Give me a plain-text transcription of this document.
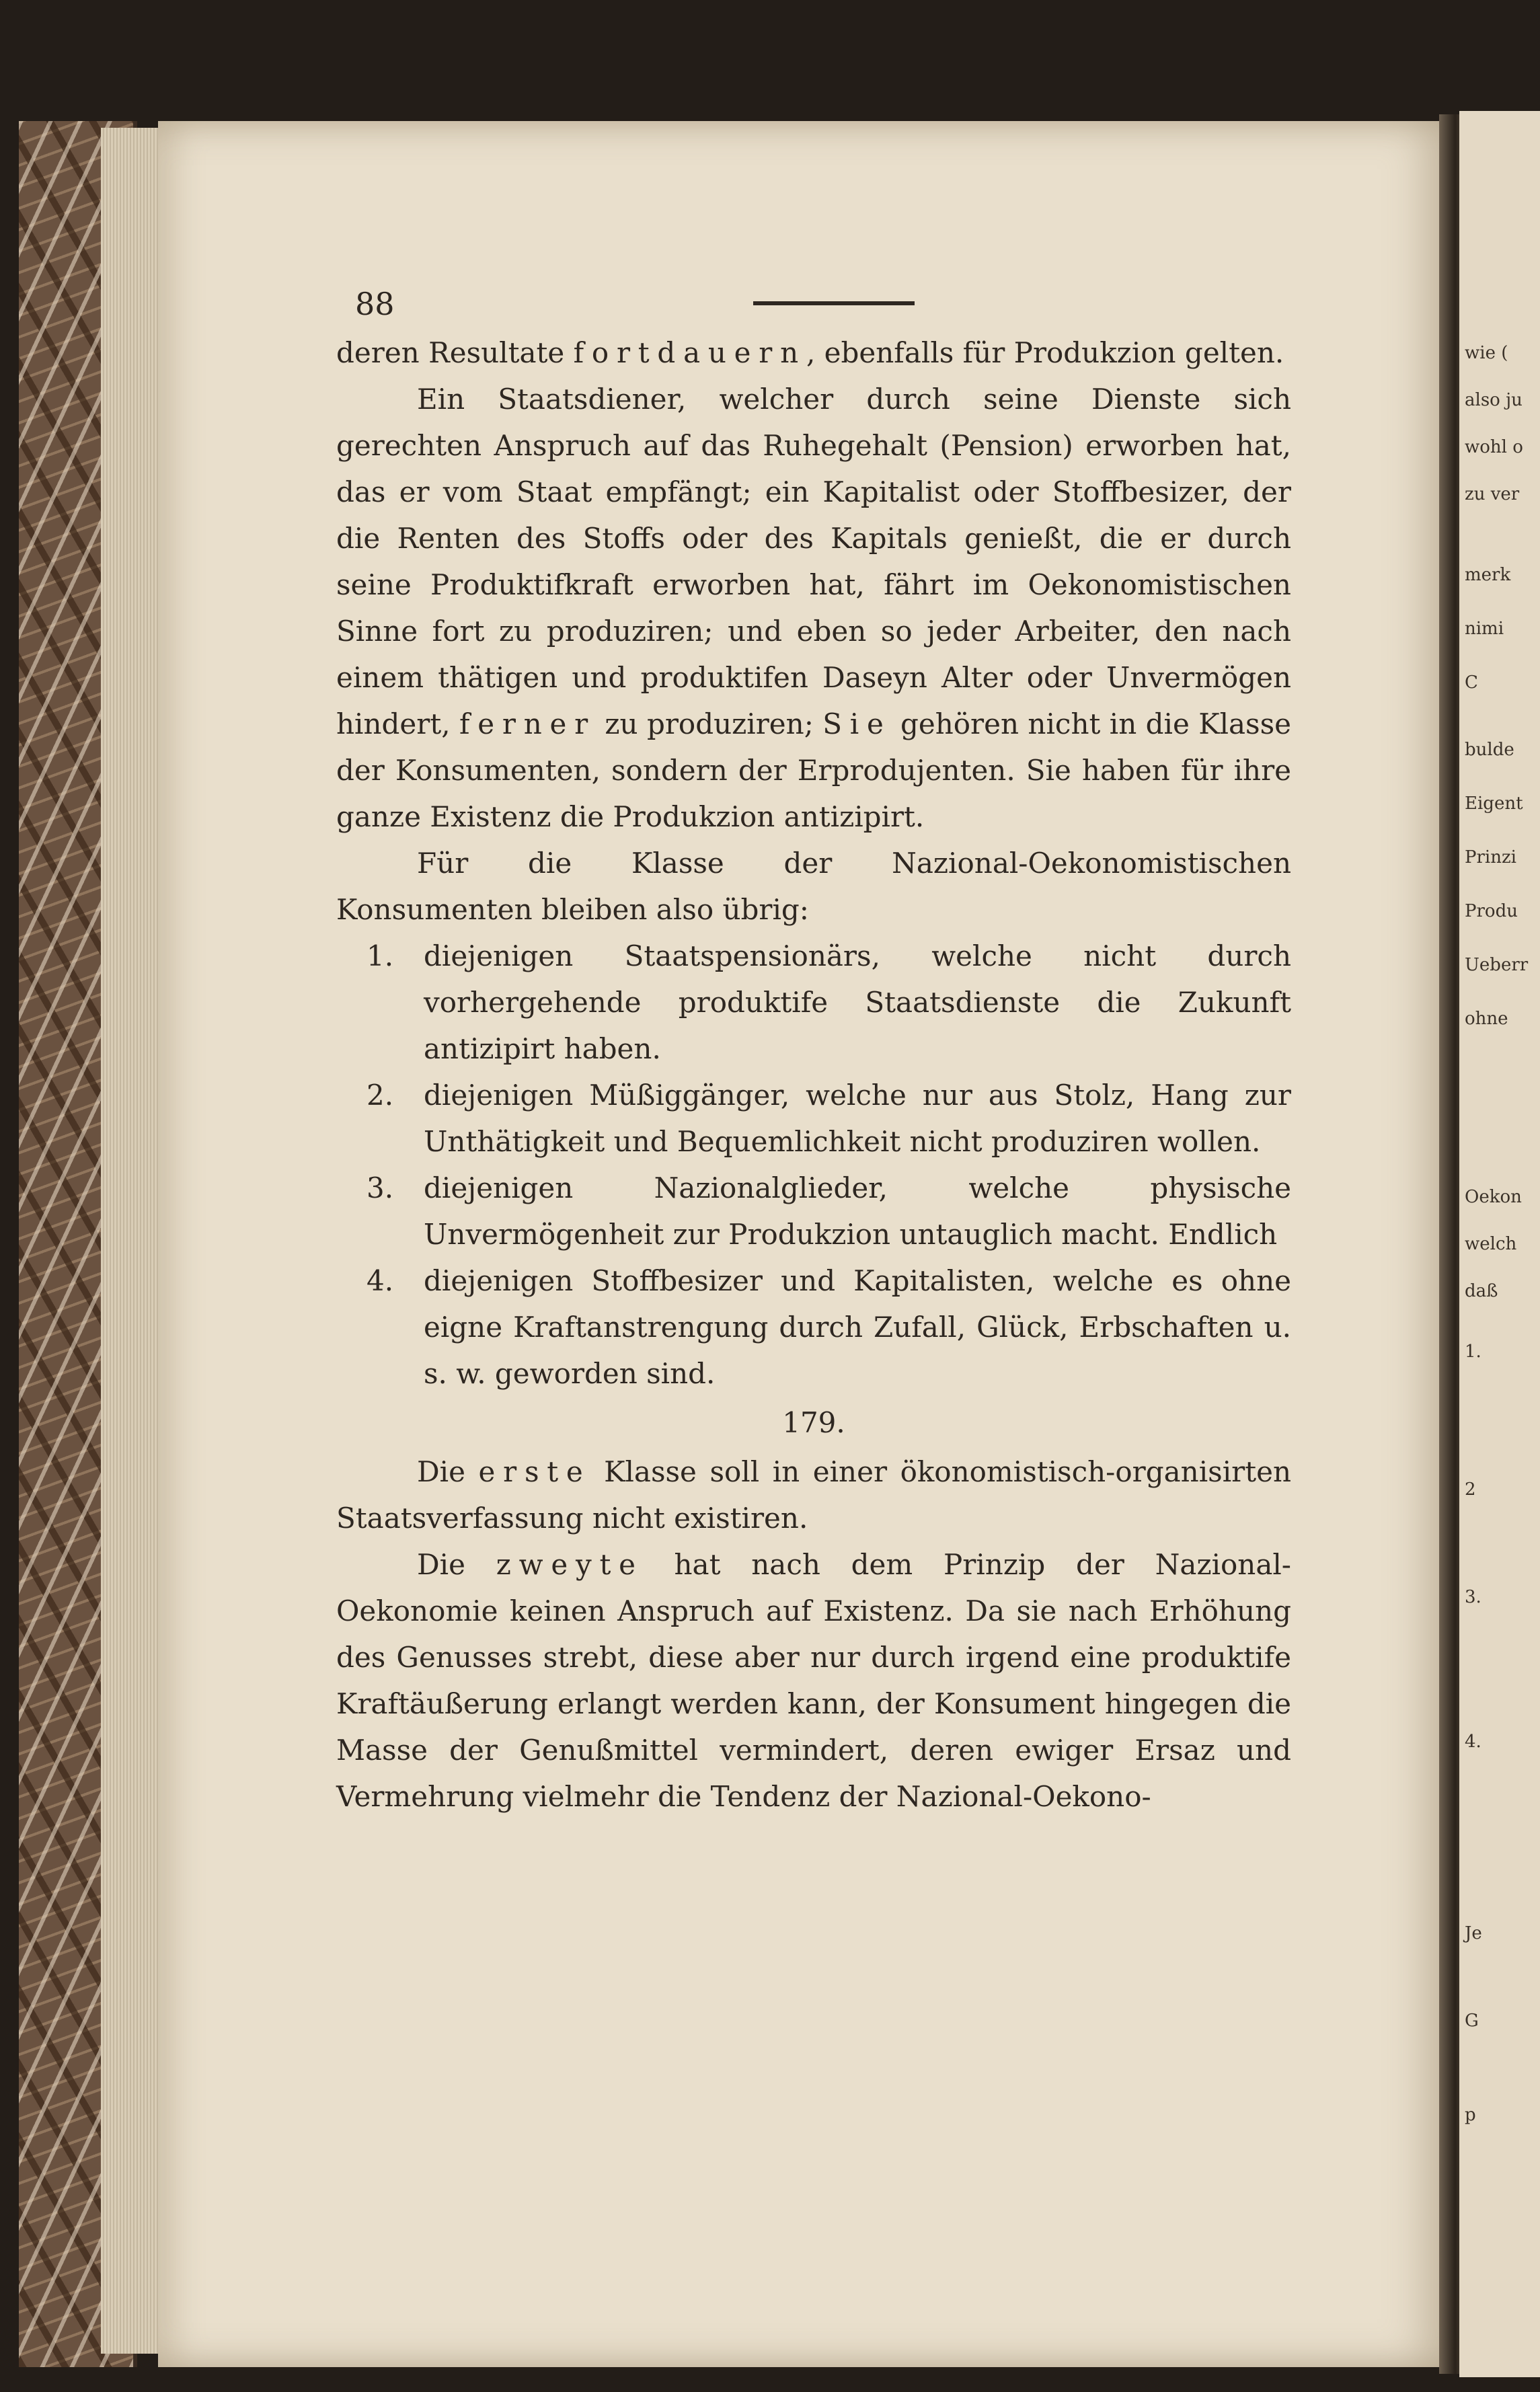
wie (
also ju
wohl o
zu ver
merk
nimi
C
bulde
Eigent
Prinzi
Produ
Ueberr
ohne
Oekon
welch
daß
1.
2
3.
4.
Je
G
p
88

deren Resultate fortdauern, ebenfalls für Produkzion gelten.

Ein Staatsdiener, welcher durch seine Dienste sich gerechten Anspruch auf das Ruhegehalt (Pension) erworben hat, das er vom Staat empfängt; ein Kapitalist oder Stoffbesizer, der die Renten des Stoffs oder des Kapitals genießt, die er durch seine Produktifkraft erworben hat, fährt im Oekonomistischen Sinne fort zu produziren; und eben so jeder Arbeiter, den nach einem thätigen und produktifen Daseyn Alter oder Unvermögen hindert, ferner zu produziren; Sie gehören nicht in die Klasse der Konsumenten, sondern der Erprodujenten. Sie haben für ihre ganze Existenz die Produkzion antizipirt.

Für die Klasse der Nazional-Oekonomistischen Konsumenten bleiben also übrig:

1. diejenigen Staatspensionärs, welche nicht durch vorhergehende produktife Staatsdienste die Zukunft antizipirt haben.
2. diejenigen Müßiggänger, welche nur aus Stolz, Hang zur Unthätigkeit und Bequemlichkeit nicht produziren wollen.
3. diejenigen Nazionalglieder, welche physische Unvermögenheit zur Produkzion untauglich macht. Endlich
4. diejenigen Stoffbesizer und Kapitalisten, welche es ohne eigne Kraftanstrengung durch Zufall, Glück, Erbschaften u. s. w. geworden sind.
179.

Die erste Klasse soll in einer ökonomistisch-organisirten Staatsverfassung nicht existiren.

Die zweyte hat nach dem Prinzip der Nazional-Oekonomie keinen Anspruch auf Existenz. Da sie nach Erhöhung des Genusses strebt, diese aber nur durch irgend eine produktife Kraftäußerung erlangt werden kann, der Konsument hingegen die Masse der Genußmittel vermindert, deren ewiger Ersaz und Vermehrung vielmehr die Tendenz der Nazional-Oekono-
